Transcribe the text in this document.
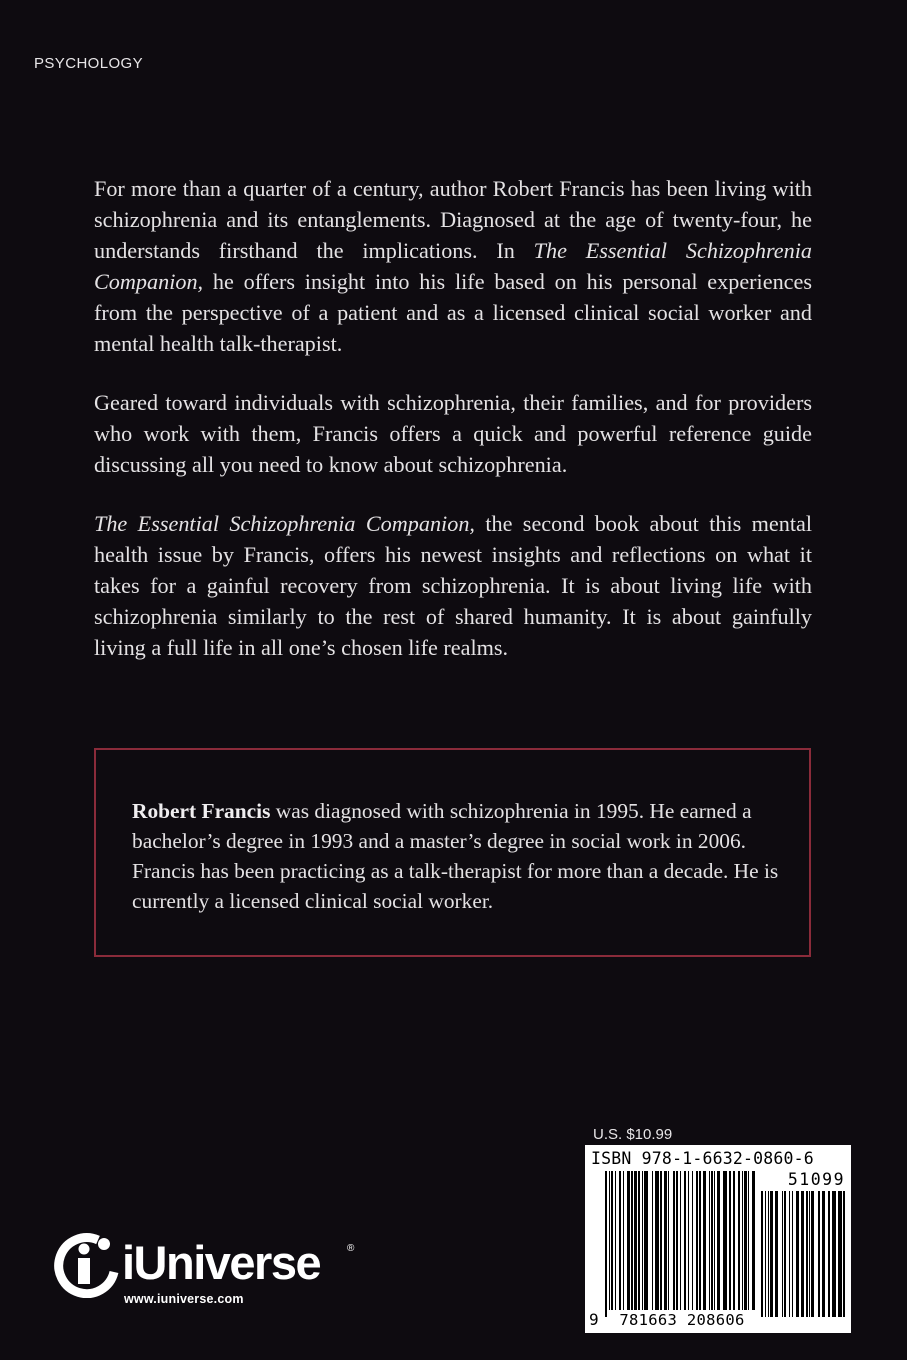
PSYCHOLOGY

For more than a quarter of a century, author Robert Francis has been living with schizophrenia and its entanglements. Diagnosed at the age of twenty-four, he understands firsthand the implications. In The Essential Schizophrenia Companion, he offers insight into his life based on his personal experiences from the perspective of a patient and as a licensed clinical social worker and mental health talk-therapist.

Geared toward individuals with schizophrenia, their families, and for providers who work with them, Francis offers a quick and powerful reference guide discussing all you need to know about schizophrenia.

The Essential Schizophrenia Companion, the second book about this mental health issue by Francis, offers his newest insights and reflections on what it takes for a gainful recovery from schizophrenia. It is about living life with schizophrenia similarly to the rest of shared humanity. It is about gainfully living a full life in all one’s chosen life realms.

Robert Francis was diagnosed with schizophrenia in 1995. He earned a bachelor’s degree in 1993 and a master’s degree in social work in 2006. Francis has been practicing as a talk-therapist for more than a decade. He is currently a licensed clinical social worker.

U.S. $10.99
ISBN 978-1-6632-0860-6
51099
9	781663 208606
iUniverse	®
www.iuniverse.com
